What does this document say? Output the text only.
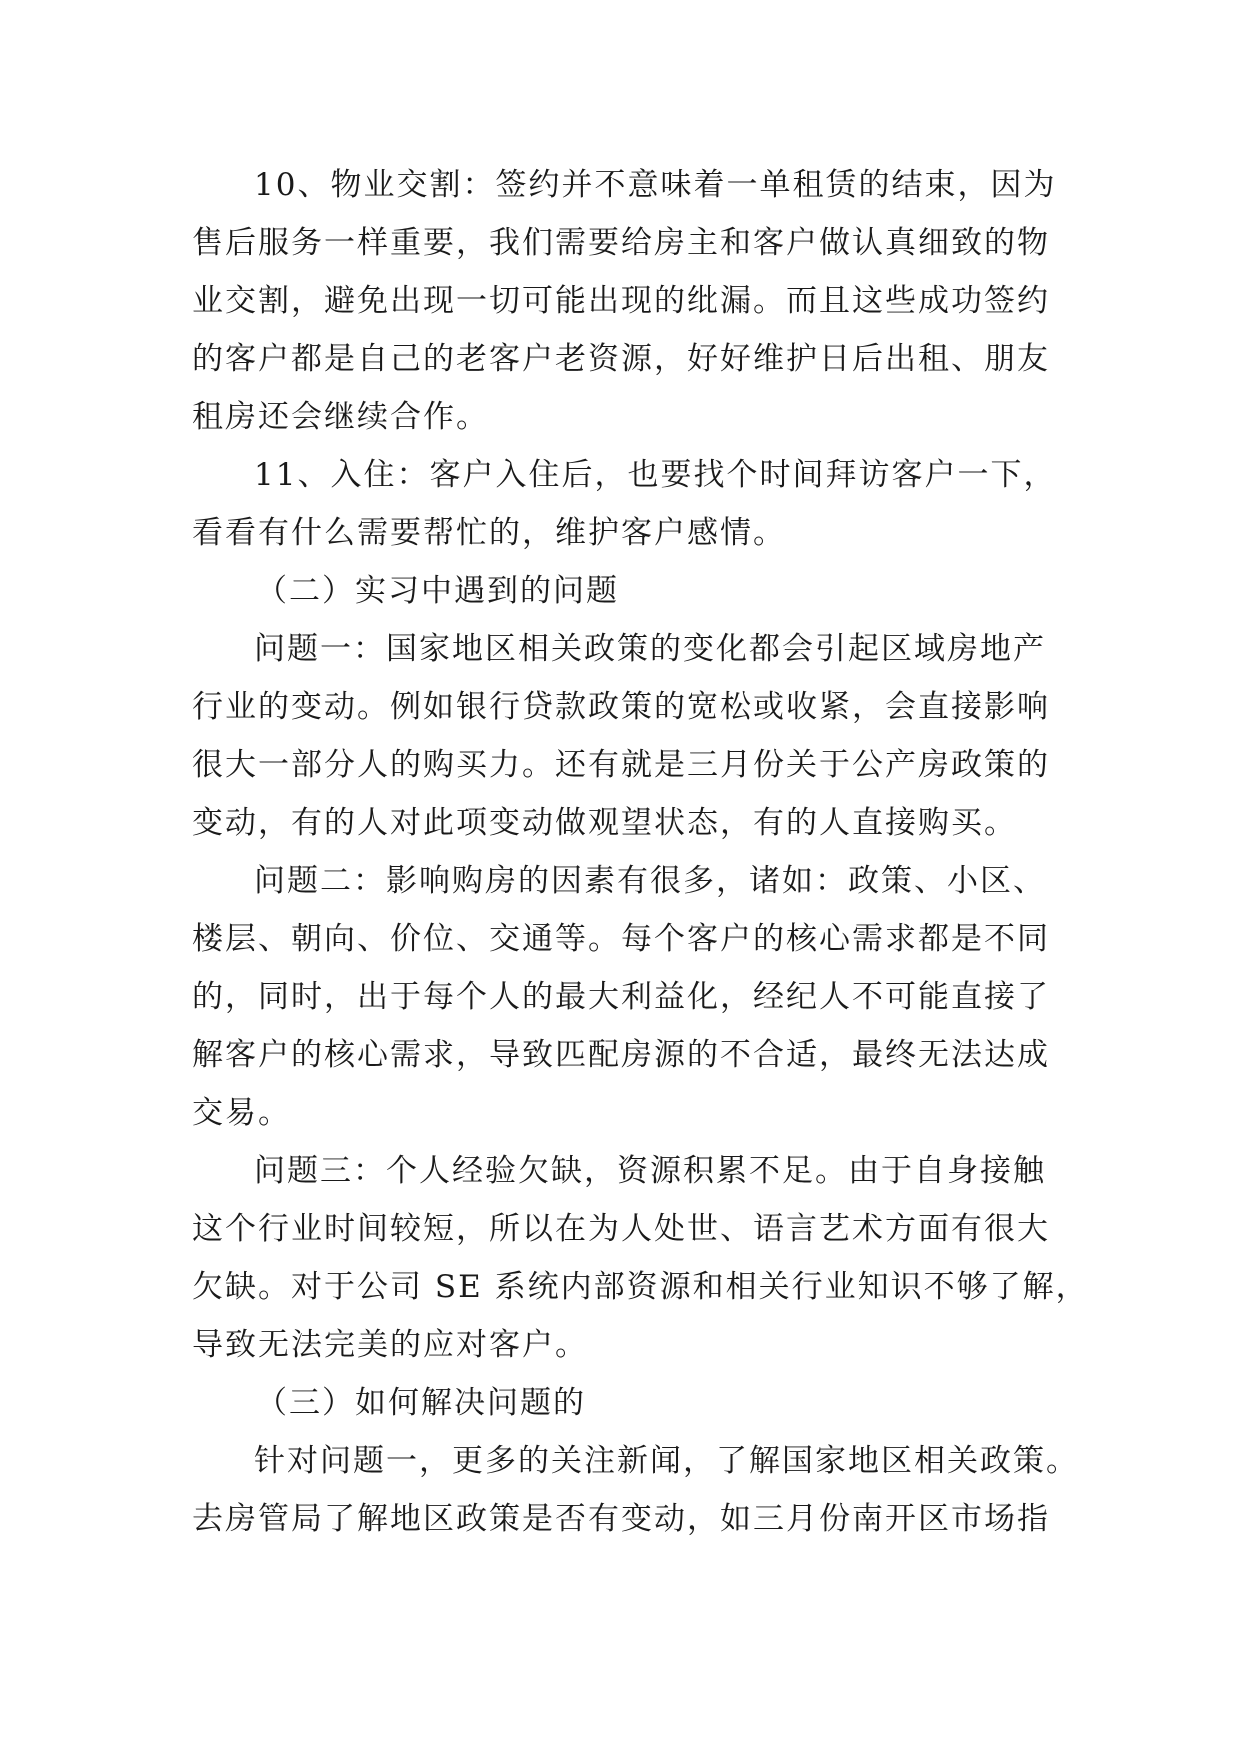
10、物业交割：签约并不意味着一单租赁的结束，因为
售后服务一样重要，我们需要给房主和客户做认真细致的物
业交割，避免出现一切可能出现的纰漏。而且这些成功签约
的客户都是自己的老客户老资源，好好维护日后出租、朋友
租房还会继续合作。
11、入住：客户入住后，也要找个时间拜访客户一下，
看看有什么需要帮忙的，维护客户感情。
（二）实习中遇到的问题
问题一：国家地区相关政策的变化都会引起区域房地产
行业的变动。例如银行贷款政策的宽松或收紧，会直接影响
很大一部分人的购买力。还有就是三月份关于公产房政策的
变动，有的人对此项变动做观望状态，有的人直接购买。
问题二：影响购房的因素有很多，诸如：政策、小区、
楼层、朝向、价位、交通等。每个客户的核心需求都是不同
的，同时，出于每个人的最大利益化，经纪人不可能直接了
解客户的核心需求，导致匹配房源的不合适，最终无法达成
交易。
问题三：个人经验欠缺，资源积累不足。由于自身接触
这个行业时间较短，所以在为人处世、语言艺术方面有很大
欠缺。对于公司 SE 系统内部资源和相关行业知识不够了解，
导致无法完美的应对客户。
（三）如何解决问题的
针对问题一，更多的关注新闻，了解国家地区相关政策。
去房管局了解地区政策是否有变动，如三月份南开区市场指
